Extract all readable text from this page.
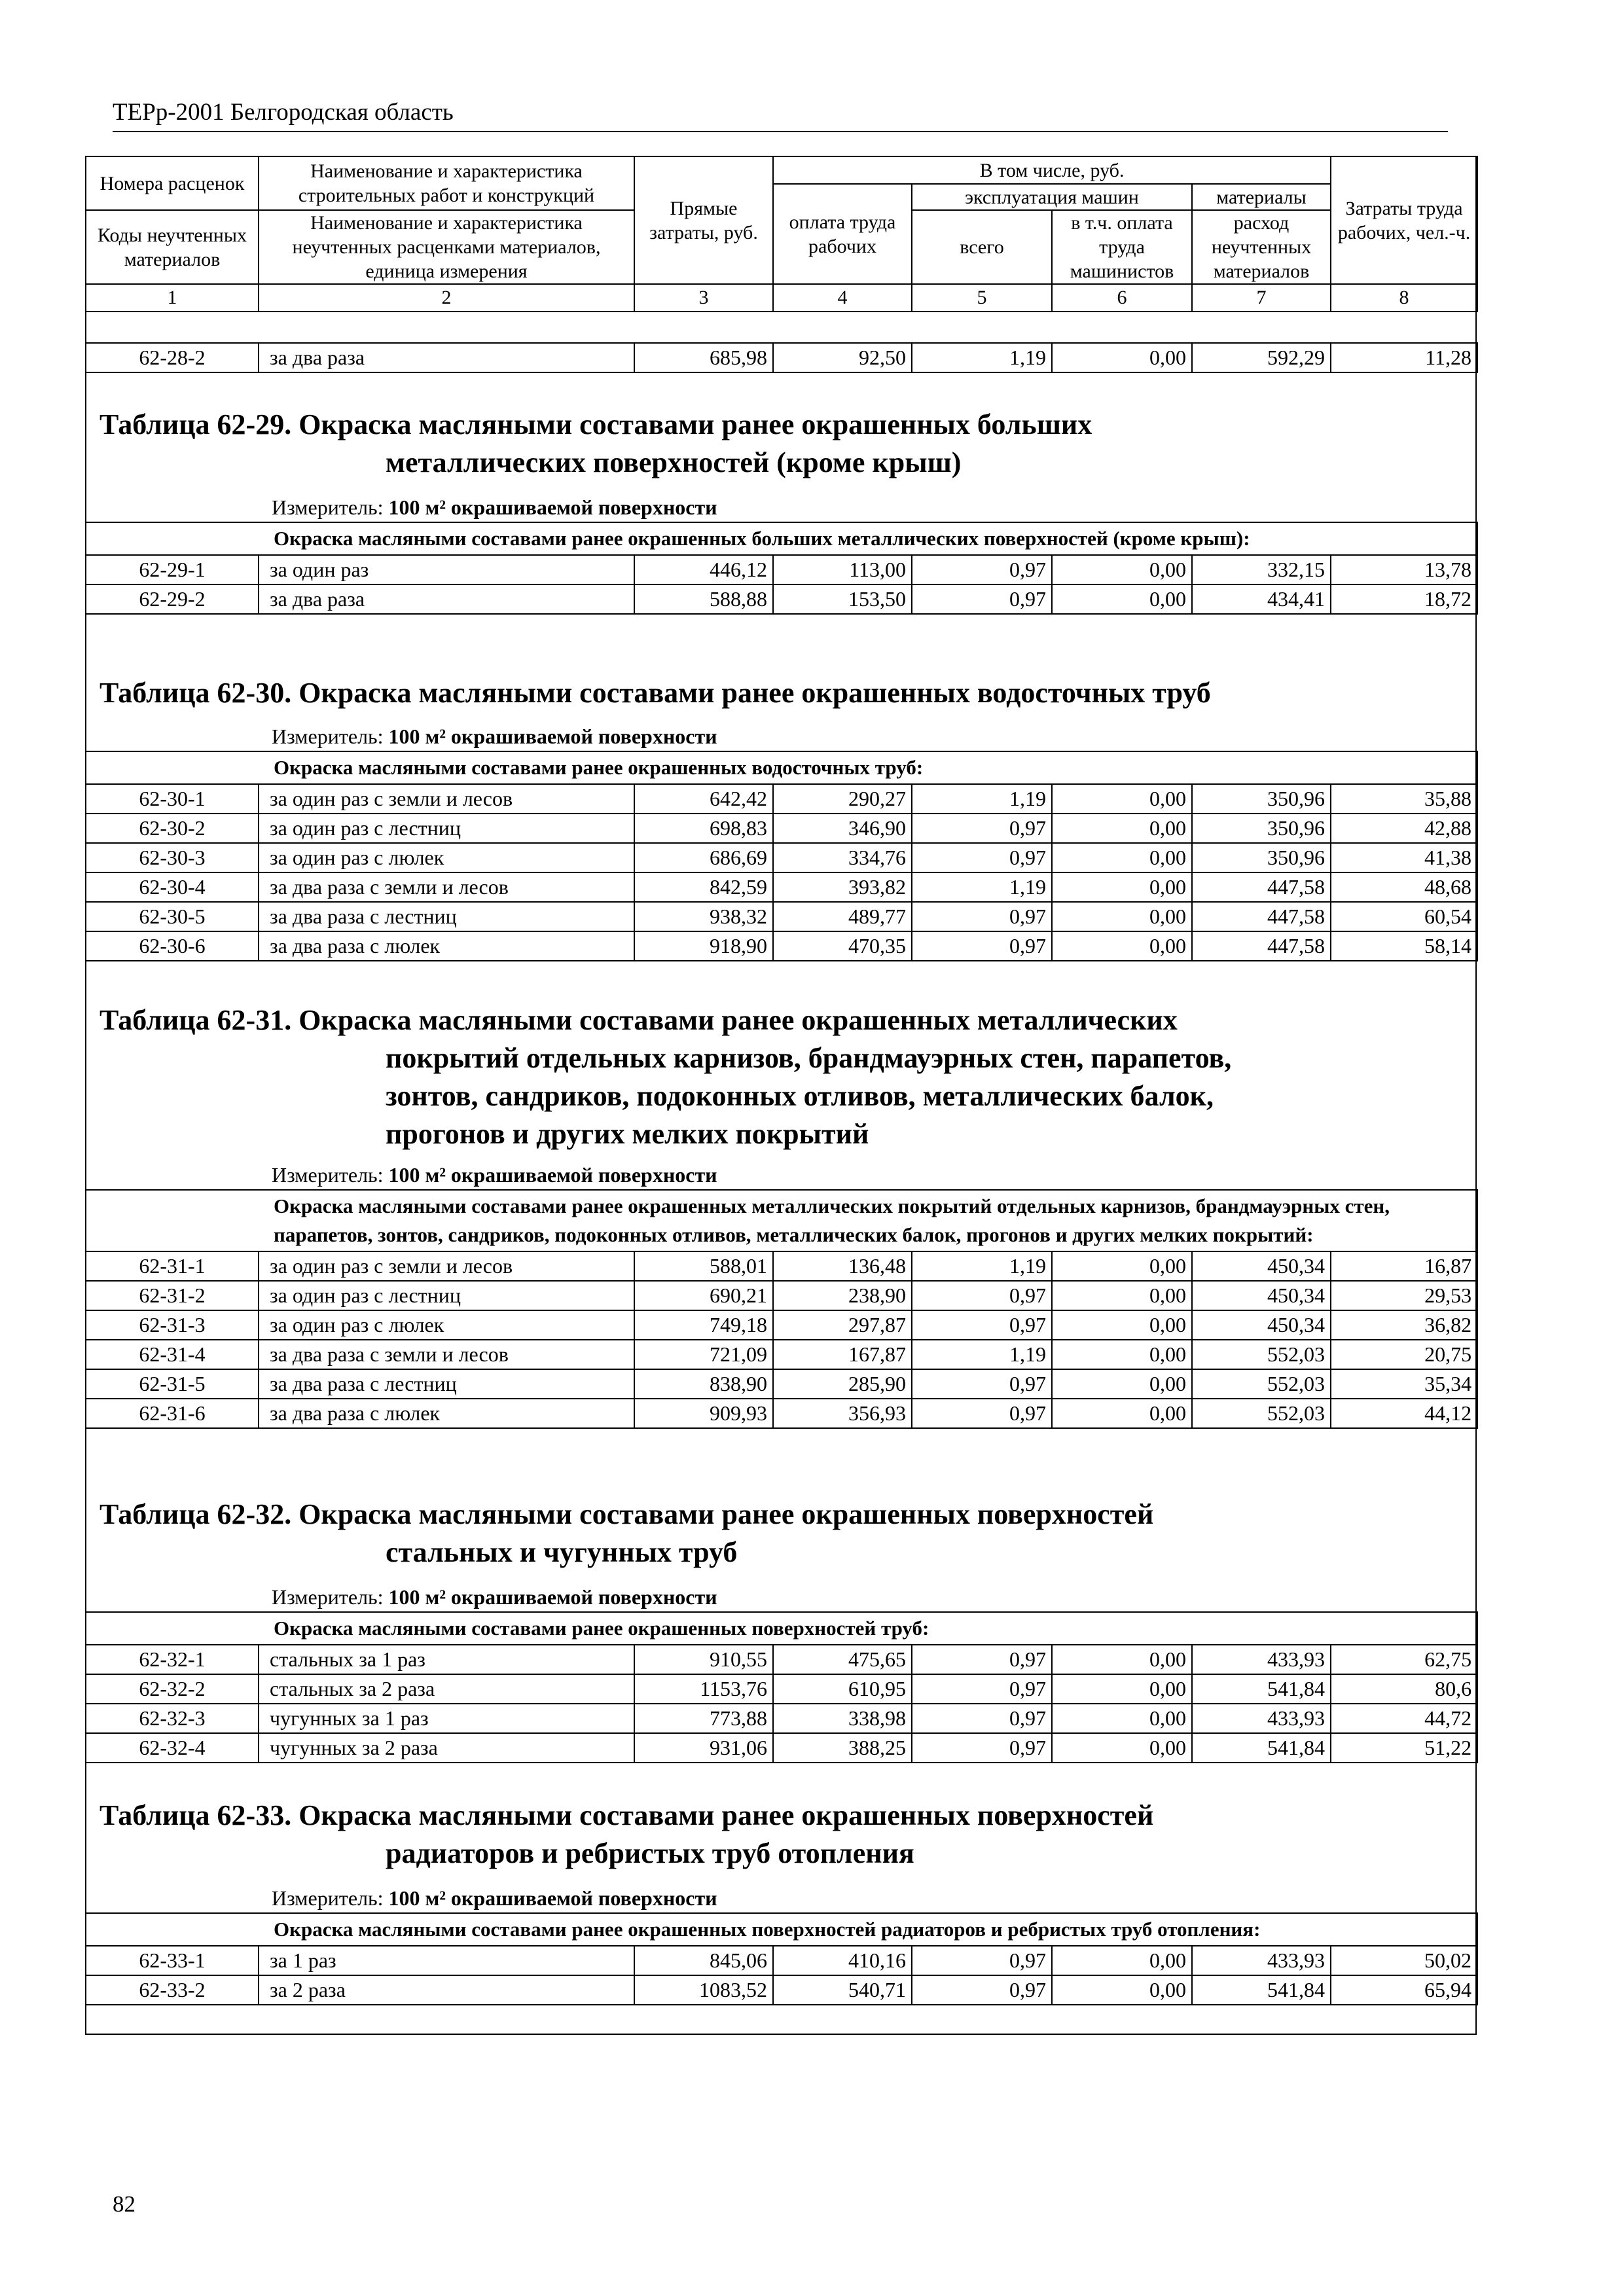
ТЕРр-2001 Белгородская область
Номера расценок	Наименование и характеристика строительных работ и конструкций	Прямые затраты, руб.	В том числе, руб.				Затраты труда рабочих, чел.-ч.
			оплата труда рабочих	эксплуатация машин		материалы	
Коды неучтенных материалов	Наименование и характеристика неучтенных расценками материалов, единица измерения			всего	в т.ч. оплата труда машинистов	расход неучтенных материалов	

1	2	3	4	5	6	7	8
62-28-2	за два раза	685,98	92,50	1,19	0,00	592,29	11,28
Таблица 62-29. Окраска масляными составами ранее окрашенных больших
металлических поверхностей (кроме крыш)
Измеритель: 100 м² окрашиваемой поверхности
Окраска масляными составами ранее окрашенных больших металлических поверхностей (кроме крыш):							
62-29-1	за один раз	446,12	113,00	0,97	0,00	332,15	13,78
62-29-2	за два раза	588,88	153,50	0,97	0,00	434,41	18,72
Таблица 62-30. Окраска масляными составами ранее окрашенных водосточных труб
Измеритель: 100 м² окрашиваемой поверхности
Окраска масляными составами ранее окрашенных водосточных труб:							
62-30-1	за один раз с земли и лесов	642,42	290,27	1,19	0,00	350,96	35,88
62-30-2	за один раз с лестниц	698,83	346,90	0,97	0,00	350,96	42,88
62-30-3	за один раз с люлек	686,69	334,76	0,97	0,00	350,96	41,38
62-30-4	за два раза с земли и лесов	842,59	393,82	1,19	0,00	447,58	48,68
62-30-5	за два раза с лестниц	938,32	489,77	0,97	0,00	447,58	60,54
62-30-6	за два раза с люлек	918,90	470,35	0,97	0,00	447,58	58,14
Таблица 62-31. Окраска масляными составами ранее окрашенных металлических
покрытий отдельных карнизов, брандмауэрных стен, парапетов,
зонтов, сандриков, подоконных отливов, металлических балок,
прогонов и других мелких покрытий
Измеритель: 100 м² окрашиваемой поверхности
Окраска масляными составами ранее окрашенных металлических покрытий отдельных карнизов, брандмауэрных стен, парапетов, зонтов, сандриков, подоконных отливов, металлических балок, прогонов и других мелких покрытий:							
62-31-1	за один раз с земли и лесов	588,01	136,48	1,19	0,00	450,34	16,87
62-31-2	за один раз с лестниц	690,21	238,90	0,97	0,00	450,34	29,53
62-31-3	за один раз с люлек	749,18	297,87	0,97	0,00	450,34	36,82
62-31-4	за два раза с земли и лесов	721,09	167,87	1,19	0,00	552,03	20,75
62-31-5	за два раза с лестниц	838,90	285,90	0,97	0,00	552,03	35,34
62-31-6	за два раза с люлек	909,93	356,93	0,97	0,00	552,03	44,12
Таблица 62-32. Окраска масляными составами ранее окрашенных поверхностей
стальных и чугунных труб
Измеритель: 100 м² окрашиваемой поверхности
Окраска масляными составами ранее окрашенных поверхностей труб:							
62-32-1	стальных за 1 раз	910,55	475,65	0,97	0,00	433,93	62,75
62-32-2	стальных за 2 раза	1153,76	610,95	0,97	0,00	541,84	80,6
62-32-3	чугунных за 1 раз	773,88	338,98	0,97	0,00	433,93	44,72
62-32-4	чугунных за 2 раза	931,06	388,25	0,97	0,00	541,84	51,22
Таблица 62-33. Окраска масляными составами ранее окрашенных поверхностей
радиаторов и ребристых труб отопления
Измеритель: 100 м² окрашиваемой поверхности
Окраска масляными составами ранее окрашенных поверхностей радиаторов и ребристых труб отопления:							
62-33-1	за 1 раз	845,06	410,16	0,97	0,00	433,93	50,02
62-33-2	за 2 раза	1083,52	540,71	0,97	0,00	541,84	65,94
82
